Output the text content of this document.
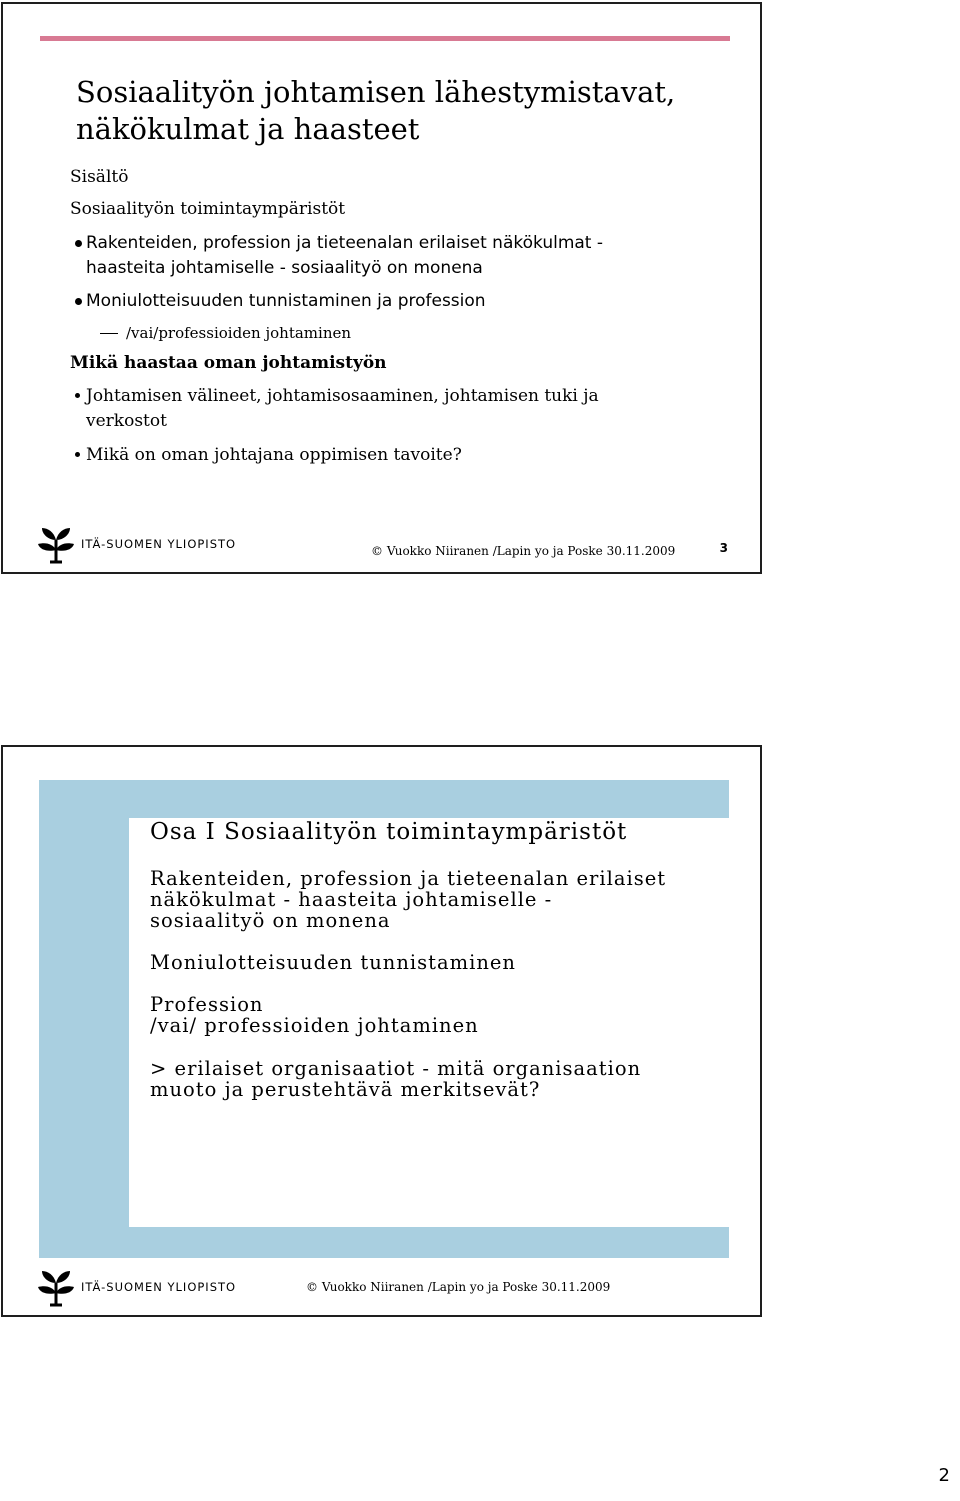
Sosiaalityön johtamisen lähestymistavat, näkökulmat ja haasteet
Sisältö
Sosiaalityön toimintaympäristöt
Rakenteiden, profession ja tieteenalan erilaiset näkökulmat -
haasteita johtamiselle - sosiaalityö on monena
Moniulotteisuuden tunnistaminen ja profession
/vai/professioiden johtaminen
Mikä haastaa oman johtamistyön
Johtamisen välineet, johtamisosaaminen, johtamisen tuki ja
verkostot
Mikä on oman johtajana oppimisen tavoite?
ITÄ-SUOMEN YLIOPISTO	© Vuokko Niiranen /Lapin yo ja Poske 30.11.2009	3
Osa I Sosiaalityön toimintaympäristöt
Rakenteiden, profession ja tieteenalan erilaiset
näkökulmat - haasteita johtamiselle -
sosiaalityö on monena
Moniulotteisuuden tunnistaminen
Profession
/vai/ professioiden johtaminen
> erilaiset organisaatiot - mitä organisaation
muoto ja perustehtävä merkitsevät?
ITÄ-SUOMEN YLIOPISTO	© Vuokko Niiranen /Lapin yo ja Poske 30.11.2009
2
